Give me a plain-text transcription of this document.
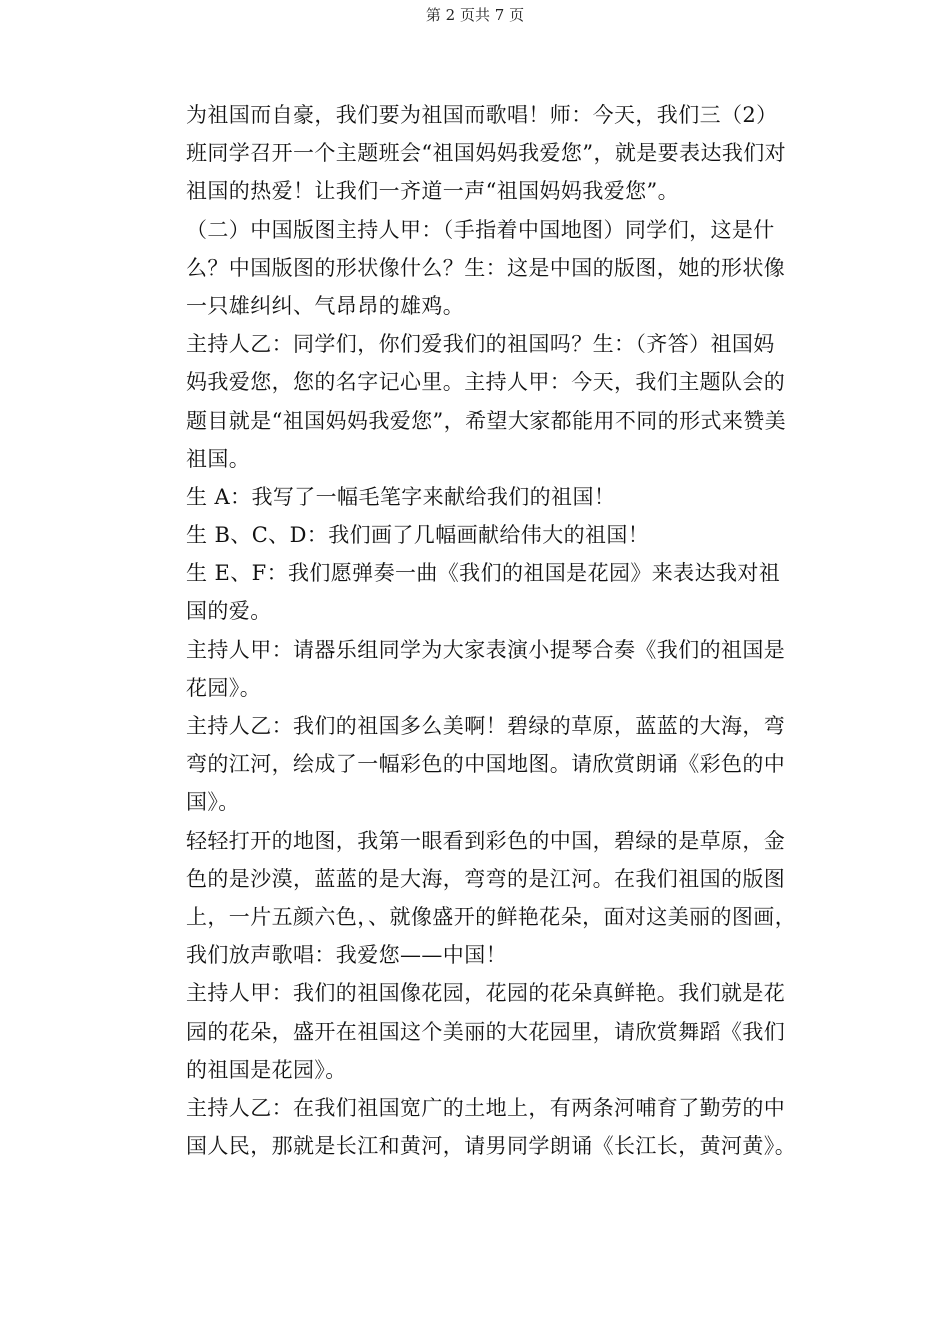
第 2 页共 7 页
为祖国而自豪，我们要为祖国而歌唱！师：今天，我们三（2）
班同学召开一个主题班会“祖国妈妈我爱您”，就是要表达我们对
祖国的热爱！让我们一齐道一声“祖国妈妈我爱您”。
（二）中国版图主持人甲：（手指着中国地图）同学们，这是什
么？中国版图的形状像什么？生：这是中国的版图，她的形状像
一只雄纠纠、气昂昂的雄鸡。
主持人乙：同学们，你们爱我们的祖国吗？生：（齐答）祖国妈
妈我爱您，您的名字记心里。主持人甲：今天，我们主题队会的
题目就是“祖国妈妈我爱您”，希望大家都能用不同的形式来赞美
祖国。
生 A：我写了一幅毛笔字来献给我们的祖国！
生 B、C、D：我们画了几幅画献给伟大的祖国！
生 E、F：我们愿弹奏一曲《我们的祖国是花园》来表达我对祖
国的爱。
主持人甲：请器乐组同学为大家表演小提琴合奏《我们的祖国是
花园》。
主持人乙：我们的祖国多么美啊！碧绿的草原，蓝蓝的大海，弯
弯的江河，绘成了一幅彩色的中国地图。请欣赏朗诵《彩色的中
国》。
轻轻打开的地图，我第一眼看到彩色的中国，碧绿的是草原，金
色的是沙漠，蓝蓝的是大海，弯弯的是江河。在我们祖国的版图
上，一片五颜六色，、就像盛开的鲜艳花朵，面对这美丽的图画，
我们放声歌唱：我爱您——中国！
主持人甲：我们的祖国像花园，花园的花朵真鲜艳。我们就是花
园的花朵，盛开在祖国这个美丽的大花园里，请欣赏舞蹈《我们
的祖国是花园》。
主持人乙：在我们祖国宽广的土地上，有两条河哺育了勤劳的中
国人民，那就是长江和黄河，请男同学朗诵《长江长，黄河黄》。
